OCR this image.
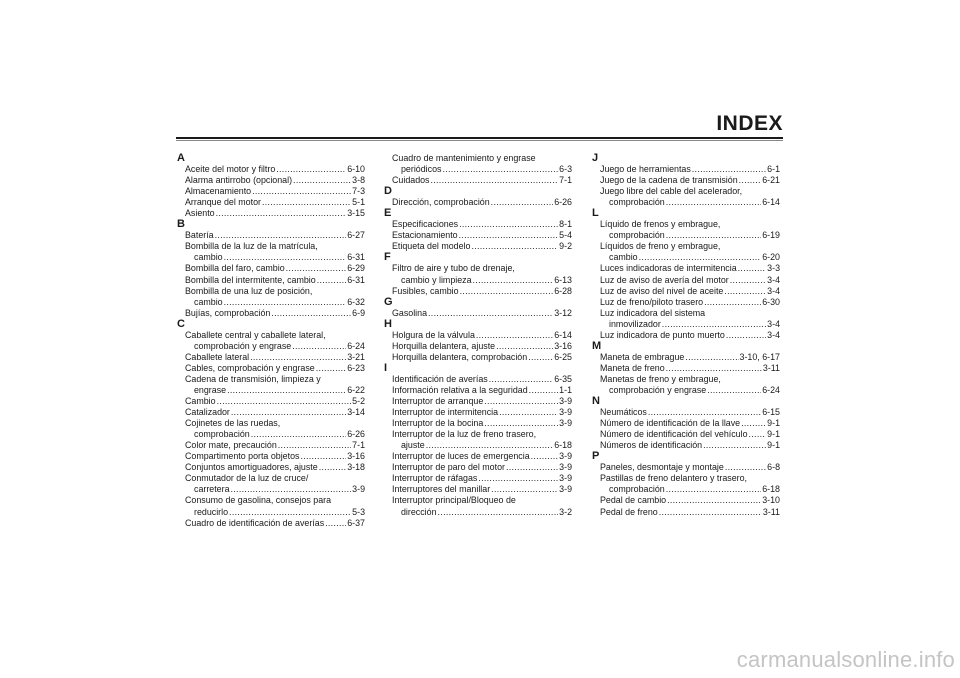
INDEX
A
Aceite del motor y filtro .....	6-10
Alarma antirrobo (opcional) .....	3-8
Almacenamiento .....	7-3
Arranque del motor .....	5-1
Asiento .....	3-15
B
Batería .....	6-27
Bombilla de la luz de la matrícula,
cambio .....	6-31
Bombilla del faro, cambio .....	6-29
Bombilla del intermitente, cambio .....	6-31
Bombilla de una luz de posición,
cambio .....	6-32
Bujías, comprobación .....	6-9
C
Caballete central y caballete lateral,
comprobación y engrase .....	6-24
Caballete lateral .....	3-21
Cables, comprobación y engrase .....	6-23
Cadena de transmisión, limpieza y
engrase .....	6-22
Cambio .....	5-2
Catalizador .....	3-14
Cojinetes de las ruedas,
comprobación .....	6-26
Color mate, precaución .....	7-1
Compartimento porta objetos .....	3-16
Conjuntos amortiguadores, ajuste .....	3-18
Conmutador de la luz de cruce/
carretera .....	3-9
Consumo de gasolina, consejos para
reducirlo .....	5-3
Cuadro de identificación de averías .....	6-37
Cuadro de mantenimiento y engrase
periódicos .....	6-3
Cuidados .....	7-1
D
Dirección, comprobación .....	6-26
E
Especificaciones .....	8-1
Estacionamiento .....	5-4
Etiqueta del modelo .....	9-2
F
Filtro de aire y tubo de drenaje,
cambio y limpieza .....	6-13
Fusibles, cambio .....	6-28
G
Gasolina .....	3-12
H
Holgura de la válvula .....	6-14
Horquilla delantera, ajuste .....	3-16
Horquilla delantera, comprobación .....	6-25
I
Identificación de averías .....	6-35
Información relativa a la seguridad .....	1-1
Interruptor de arranque .....	3-9
Interruptor de intermitencia .....	3-9
Interruptor de la bocina .....	3-9
Interruptor de la luz de freno trasero,
ajuste .....	6-18
Interruptor de luces de emergencia .....	3-9
Interruptor de paro del motor .....	3-9
Interruptor de ráfagas .....	3-9
Interruptores del manillar .....	3-9
Interruptor principal/Bloqueo de
dirección .....	3-2
J
Juego de herramientas .....	6-1
Juego de la cadena de transmisión .....	6-21
Juego libre del cable del acelerador,
comprobación .....	6-14
L
Líquido de frenos y embrague,
comprobación .....	6-19
Líquidos de freno y embrague,
cambio .....	6-20
Luces indicadoras de intermitencia .....	3-3
Luz de aviso de avería del motor .....	3-4
Luz de aviso del nivel de aceite .....	3-4
Luz de freno/piloto trasero .....	6-30
Luz indicadora del sistema
inmovilizador .....	3-4
Luz indicadora de punto muerto .....	3-4
M
Maneta de embrague .....	3-10, 6-17
Maneta de freno .....	3-11
Manetas de freno y embrague,
comprobación y engrase .....	6-24
N
Neumáticos .....	6-15
Número de identificación de la llave .....	9-1
Número de identificación del vehículo ..... 9-1
Números de identificación .....	9-1
P
Paneles, desmontaje y montaje .....	6-8
Pastillas de freno delantero y trasero,
comprobación .....	6-18
Pedal de cambio .....	3-10
Pedal de freno .....	3-11
carmanualsonline.info
